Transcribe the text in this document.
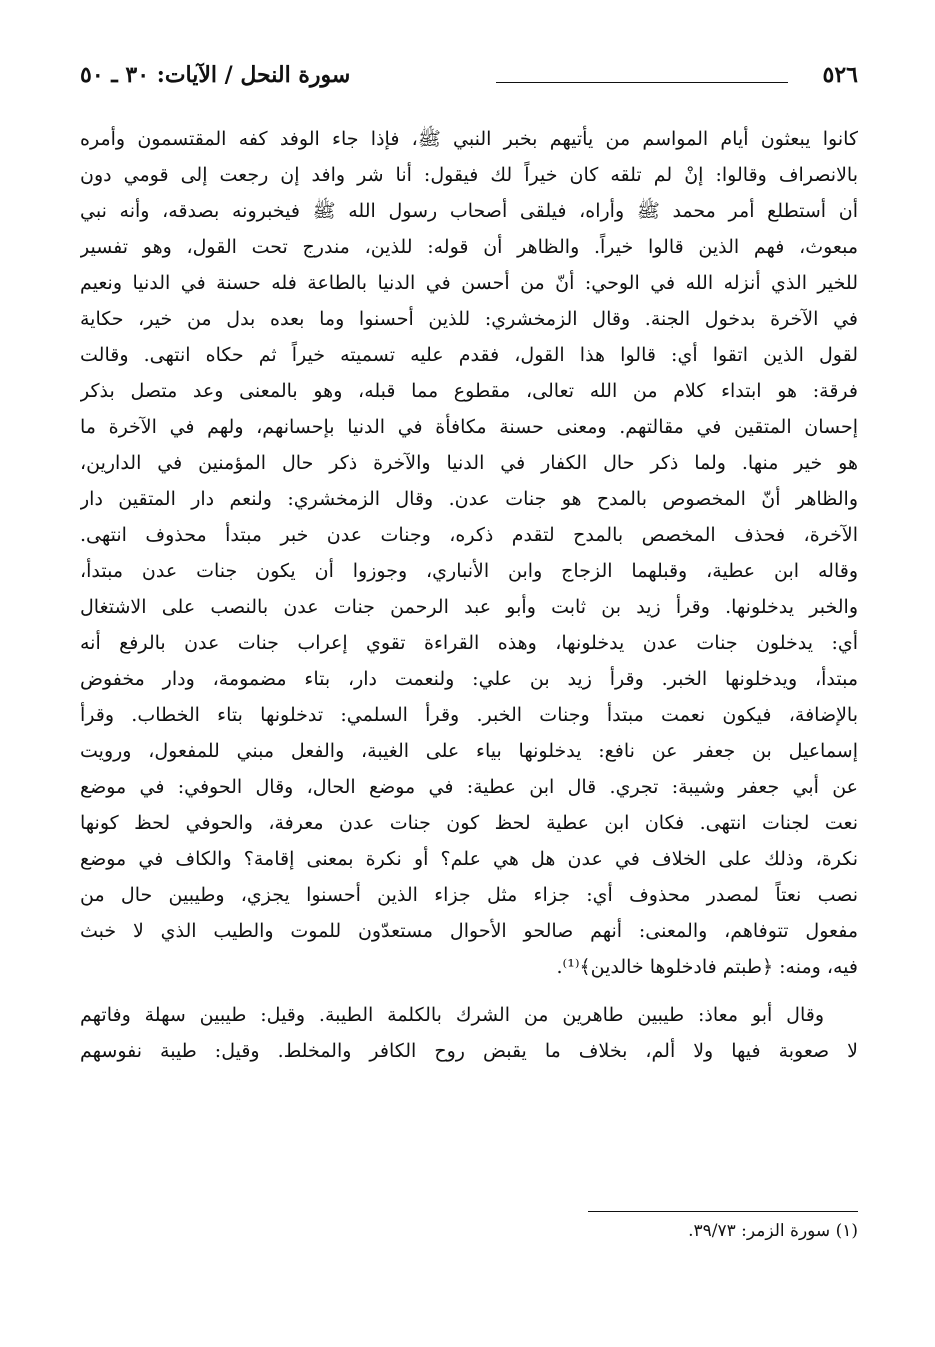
٥٢٦
سورة النحل / الآيات: ٣٠ ـ ٥٠
كانوا يبعثون أيام المواسم من يأتيهم بخبر النبي ﷺ، فإذا جاء الوفد كفه المقتسمون وأمره
بالانصراف وقالوا: إنْ لم تلقه كان خيراً لك فيقول: أنا شر وافد إن رجعت إلى قومي دون
أن أستطلع أمر محمد ﷺ وأراه، فيلقى أصحاب رسول الله ﷺ فيخبرونه بصدقه، وأنه نبي
مبعوث، فهم الذين قالوا خيراً. والظاهر أن قوله: للذين، مندرج تحت القول، وهو تفسير
للخير الذي أنزله الله في الوحي: أنّ من أحسن في الدنيا بالطاعة فله حسنة في الدنيا ونعيم
في الآخرة بدخول الجنة. وقال الزمخشري: للذين أحسنوا وما بعده بدل من خير، حكاية
لقول الذين اتقوا أي: قالوا هذا القول، فقدم عليه تسميته خيراً ثم حكاه انتهى. وقالت
فرقة: هو ابتداء كلام من الله تعالى، مقطوع مما قبله، وهو بالمعنى وعد متصل بذكر
إحسان المتقين في مقالتهم. ومعنى حسنة مكافأة في الدنيا بإحسانهم، ولهم في الآخرة ما
هو خير منها. ولما ذكر حال الكفار في الدنيا والآخرة ذكر حال المؤمنين في الدارين،
والظاهر أنّ المخصوص بالمدح هو جنات عدن. وقال الزمخشري: ولنعم دار المتقين دار
الآخرة، فحذف المخصص بالمدح لتقدم ذكره، وجنات عدن خبر مبتدأ محذوف انتهى.
وقاله ابن عطية، وقبلهما الزجاج وابن الأنباري، وجوزوا أن يكون جنات عدن مبتدأ،
والخبر يدخلونها. وقرأ زيد بن ثابت وأبو عبد الرحمن جنات عدن بالنصب على الاشتغال
أي: يدخلون جنات عدن يدخلونها، وهذه القراءة تقوي إعراب جنات عدن بالرفع أنه
مبتدأ، ويدخلونها الخبر. وقرأ زيد بن علي: ولنعمت دار، بتاء مضمومة، ودار مخفوض
بالإضافة، فيكون نعمت مبتدأ وجنات الخبر. وقرأ السلمي: تدخلونها بتاء الخطاب. وقرأ
إسماعيل بن جعفر عن نافع: يدخلونها بياء على الغيبة، والفعل مبني للمفعول، ورويت
عن أبي جعفر وشيبة: تجري. قال ابن عطية: في موضع الحال، وقال الحوفي: في موضع
نعت لجنات انتهى. فكان ابن عطية لحظ كون جنات عدن معرفة، والحوفي لحظ كونها
نكرة، وذلك على الخلاف في عدن هل هي علم؟ أو نكرة بمعنى إقامة؟ والكاف في موضع
نصب نعتاً لمصدر محذوف أي: جزاء مثل جزاء الذين أحسنوا يجزي، وطيبين حال من
مفعول تتوفاهم، والمعنى: أنهم صالحو الأحوال مستعدّون للموت والطيب الذي لا خبث
فيه، ومنه: ﴿طبتم فادخلوها خالدين﴾⁽¹⁾.
وقال أبو معاذ: طيبين طاهرين من الشرك بالكلمة الطيبة. وقيل: طيبين سهلة وفاتهم
لا صعوبة فيها ولا ألم، بخلاف ما يقبض روح الكافر والمخلط. وقيل: طيبة نفوسهم
(١) سورة الزمر: ٣٩/٧٣.
